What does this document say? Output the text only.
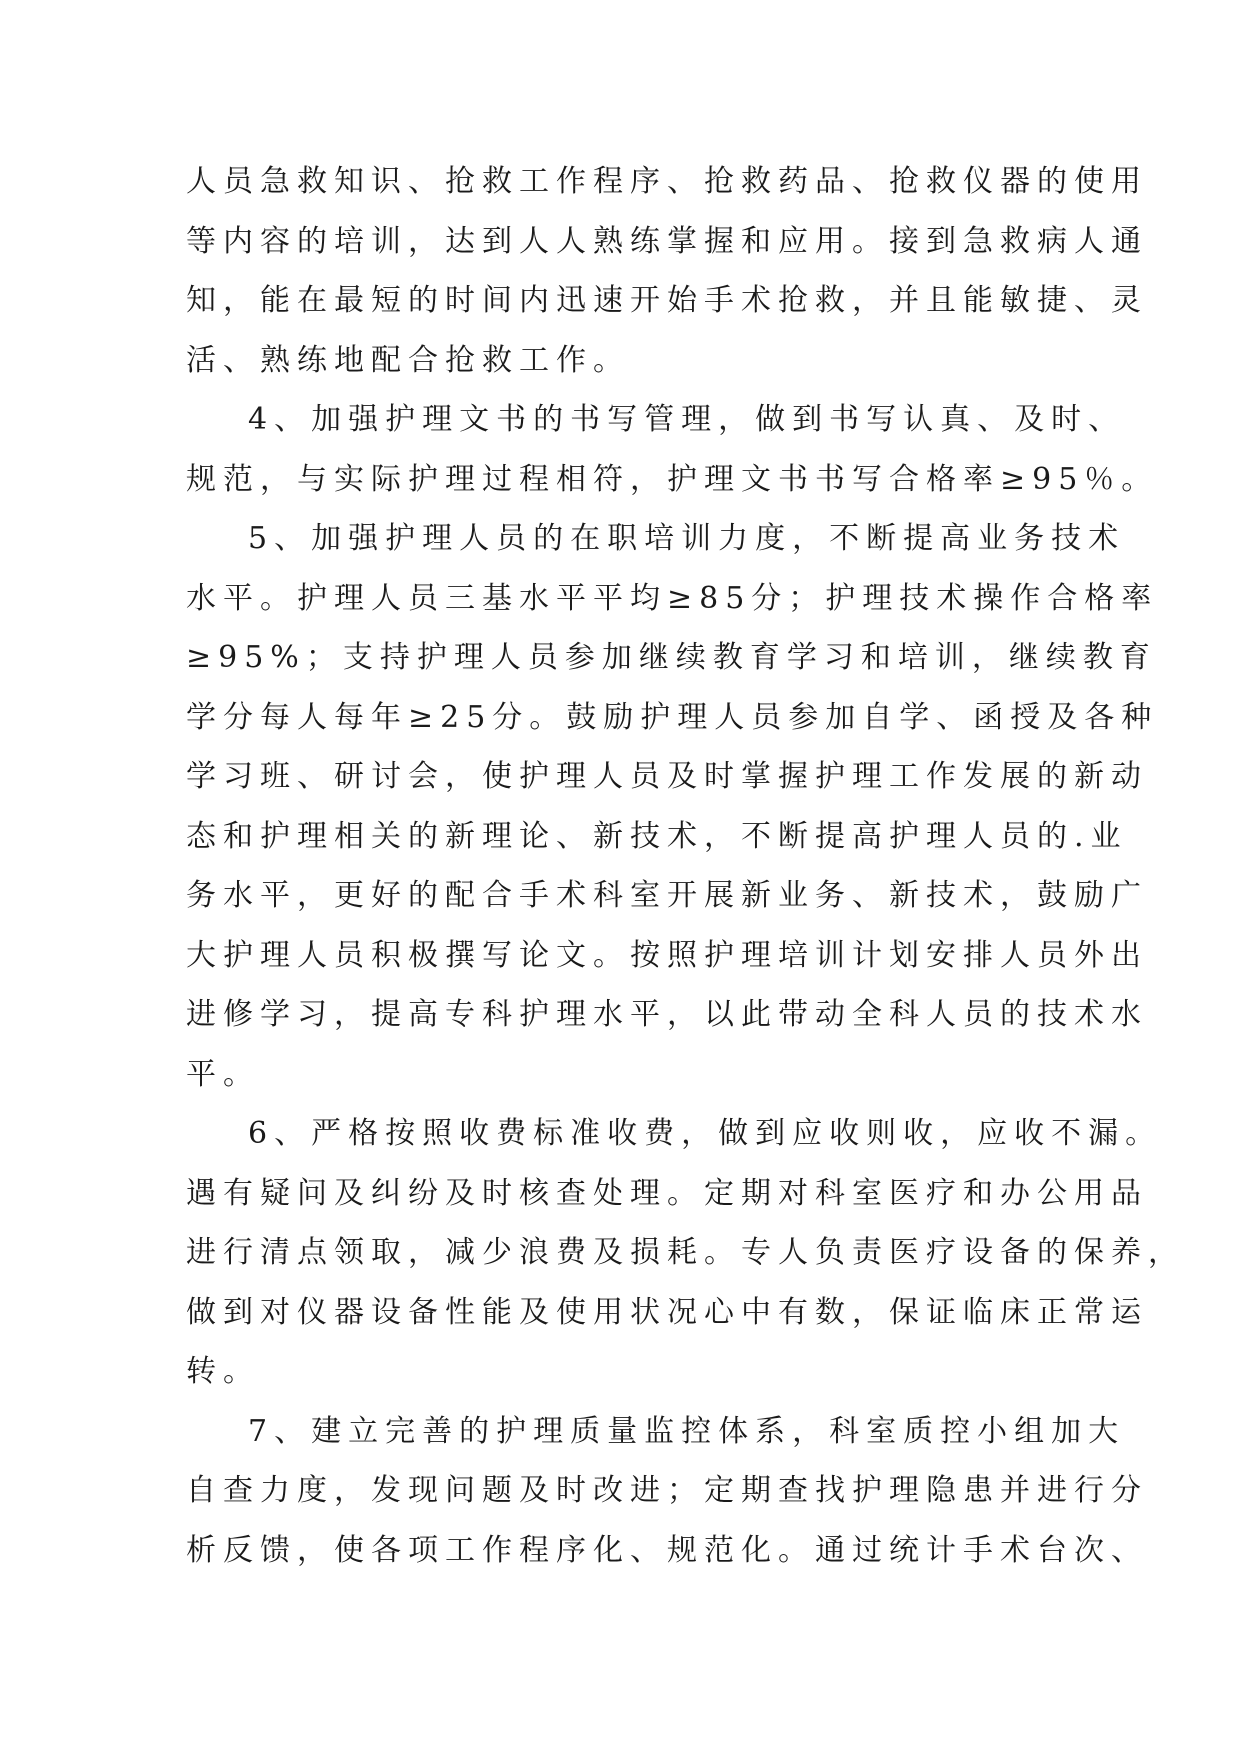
人员急救知识、抢救工作程序、抢救药品、抢救仪器的使用
等内容的培训，达到人人熟练掌握和应用。接到急救病人通
知，能在最短的时间内迅速开始手术抢救，并且能敏捷、灵
活、熟练地配合抢救工作。
4、加强护理文书的书写管理，做到书写认真、及时、
规范，与实际护理过程相符，护理文书书写合格率≥95％。
5、加强护理人员的在职培训力度，不断提高业务技术
水平。护理人员三基水平平均≥85分；护理技术操作合格率
≥95%；支持护理人员参加继续教育学习和培训，继续教育
学分每人每年≥25分。鼓励护理人员参加自学、函授及各种
学习班、研讨会，使护理人员及时掌握护理工作发展的新动
态和护理相关的新理论、新技术，不断提高护理人员的.业
务水平，更好的配合手术科室开展新业务、新技术，鼓励广
大护理人员积极撰写论文。按照护理培训计划安排人员外出
进修学习，提高专科护理水平，以此带动全科人员的技术水
平。
6、严格按照收费标准收费，做到应收则收，应收不漏。
遇有疑问及纠纷及时核查处理。定期对科室医疗和办公用品
进行清点领取，减少浪费及损耗。专人负责医疗设备的保养，
做到对仪器设备性能及使用状况心中有数，保证临床正常运
转。
7、建立完善的护理质量监控体系，科室质控小组加大
自查力度，发现问题及时改进；定期查找护理隐患并进行分
析反馈，使各项工作程序化、规范化。通过统计手术台次、
